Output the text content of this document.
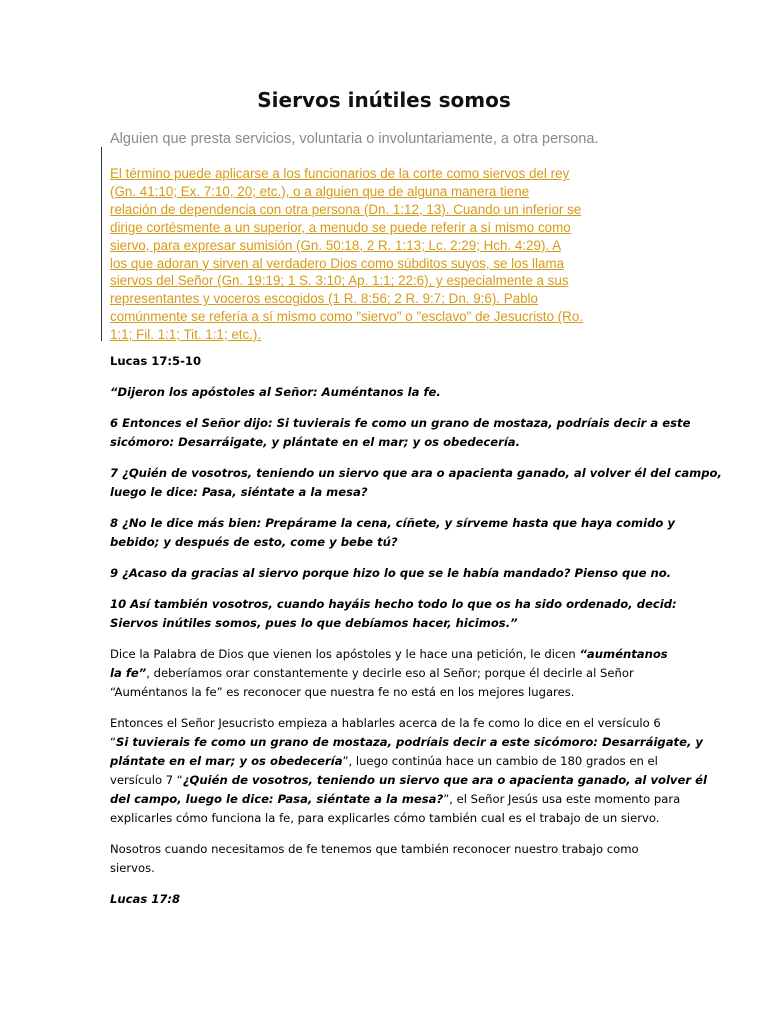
Siervos inútiles somos
Alguien que presta servicios, voluntaria o involuntariamente, a otra persona.
El término puede aplicarse a los funcionarios de la corte como siervos del rey
(Gn. 41:10; Ex. 7:10, 20; etc.), o a alguien que de alguna manera tiene
relación de dependencia con otra persona (Dn. 1:12, 13). Cuando un inferior se
dirige cortésmente a un superior, a menudo se puede referir a sí mismo como
siervo, para expresar sumisión (Gn. 50:18, 2 R. 1:13; Lc. 2:29; Hch. 4:29). A
los que adoran y sirven al verdadero Dios como súbditos suyos, se los llama
siervos del Señor (Gn. 19:19; 1 S. 3:10; Ap. 1:1; 22:6), y especialmente a sus
representantes y voceros escogidos (1 R. 8:56; 2 R. 9:7; Dn. 9:6). Pablo
comúnmente se refería a sí mismo como "siervo" o "esclavo" de Jesucristo (Ro.
1:1; Fil. 1:1; Tit. 1:1; etc.).

Lucas 17:5-10

“Dijeron los apóstoles al Señor: Auméntanos la fe.

6 Entonces el Señor dijo: Si tuvierais fe como un grano de mostaza, podríais decir a este
sicómoro: Desarráigate, y plántate en el mar; y os obedecería.

7 ¿Quién de vosotros, teniendo un siervo que ara o apacienta ganado, al volver él del campo,
luego le dice: Pasa, siéntate a la mesa?

8 ¿No le dice más bien: Prepárame la cena, cíñete, y sírveme hasta que haya comido y
bebido; y después de esto, come y bebe tú?

9 ¿Acaso da gracias al siervo porque hizo lo que se le había mandado? Pienso que no.

10 Así también vosotros, cuando hayáis hecho todo lo que os ha sido ordenado, decid:
Siervos inútiles somos, pues lo que debíamos hacer, hicimos.”

Dice la Palabra de Dios que vienen los apóstoles y le hace una petición, le dicen “auméntanos
la fe”, deberíamos orar constantemente y decirle eso al Señor; porque él decirle al Señor
“Auméntanos la fe” es reconocer que nuestra fe no está en los mejores lugares.

Entonces el Señor Jesucristo empieza a hablarles acerca de la fe como lo dice en el versículo 6
“Si tuvierais fe como un grano de mostaza, podríais decir a este sicómoro: Desarráigate, y
plántate en el mar; y os obedecería”, luego continúa hace un cambio de 180 grados en el
versículo 7 “¿Quién de vosotros, teniendo un siervo que ara o apacienta ganado, al volver él
del campo, luego le dice: Pasa, siéntate a la mesa?”, el Señor Jesús usa este momento para
explicarles cómo funciona la fe, para explicarles cómo también cual es el trabajo de un siervo.

Nosotros cuando necesitamos de fe tenemos que también reconocer nuestro trabajo como
siervos.

Lucas 17:8
